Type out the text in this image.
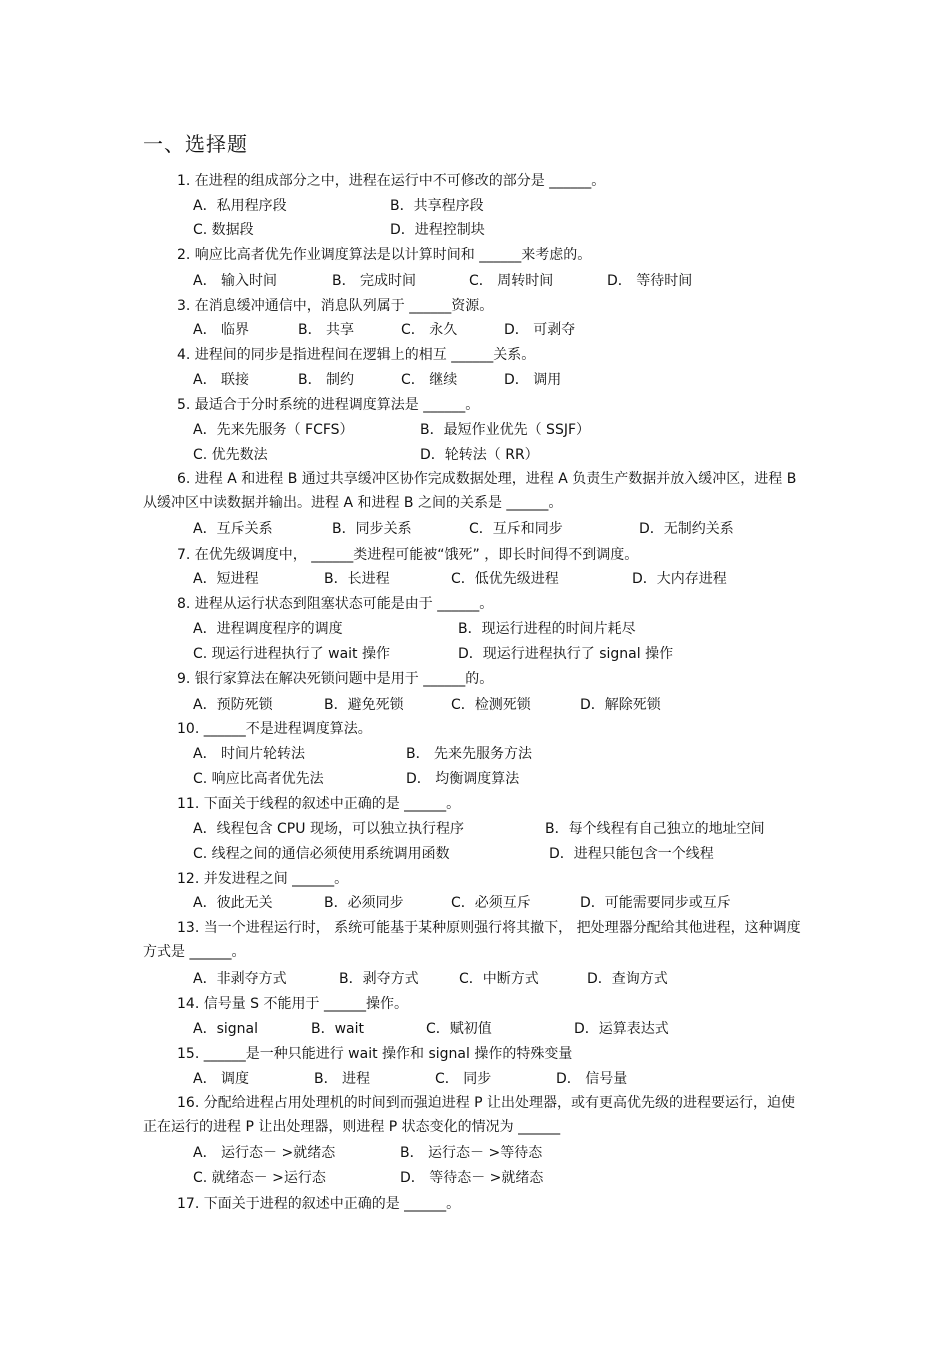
一、选择题
1. 在进程的组成部分之中，进程在运行中不可修改的部分是 ______。
A．私用程序段	B．共享程序段
C. 数据段	D．进程控制块
2. 响应比高者优先作业调度算法是以计算时间和 ______来考虑的。
A． 输入时间	B． 完成时间	C． 周转时间	D． 等待时间
3. 在消息缓冲通信中，消息队列属于 ______资源。
A． 临界	B． 共享	C． 永久	D． 可剥夺
4. 进程间的同步是指进程间在逻辑上的相互 ______关系。
A． 联接	B． 制约	C． 继续	D． 调用
5. 最适合于分时系统的进程调度算法是 ______。
A．先来先服务（ FCFS）	B．最短作业优先（ SSJF）
C. 优先数法	D．轮转法（ RR）
6. 进程 A 和进程 B 通过共享缓冲区协作完成数据处理，进程 A 负责生产数据并放入缓冲区，进程 B 从缓冲区中读数据并输出。进程 A 和进程 B 之间的关系是 ______。
A．互斥关系	B．同步关系	C．互斥和同步	D．无制约关系
7. 在优先级调度中， ______类进程可能被“饿死” ，即长时间得不到调度。
A．短进程	B．长进程	C．低优先级进程	D．大内存进程
8. 进程从运行状态到阻塞状态可能是由于 ______。
A．进程调度程序的调度	B．现运行进程的时间片耗尽
C. 现运行进程执行了 wait 操作	D．现运行进程执行了 signal 操作
9. 银行家算法在解决死锁问题中是用于 ______的。
A．预防死锁	B．避免死锁	C．检测死锁	D．解除死锁
10. ______不是进程调度算法。
A． 时间片轮转法	B． 先来先服务方法
C. 响应比高者优先法	D． 均衡调度算法
11. 下面关于线程的叙述中正确的是 ______。
A．线程包含 CPU 现场，可以独立执行程序	B．每个线程有自己独立的地址空间
C. 线程之间的通信必须使用系统调用函数	D．进程只能包含一个线程
12. 并发进程之间 ______。
A．彼此无关	B．必须同步	C．必须互斥	D．可能需要同步或互斥
13. 当一个进程运行时， 系统可能基于某种原则强行将其撤下， 把处理器分配给其他进程，这种调度方式是 ______。
A．非剥夺方式	B．剥夺方式	C．中断方式	D．查询方式
14. 信号量 S 不能用于 ______操作。
A．signal	B．wait	C．赋初值	D．运算表达式
15. ______是一种只能进行 wait 操作和 signal 操作的特殊变量
A． 调度	B． 进程	C． 同步	D． 信号量
16. 分配给进程占用处理机的时间到而强迫进程 P 让出处理器，或有更高优先级的进程要运行，迫使正在运行的进程 P 让出处理器，则进程 P 状态变化的情况为 ______
A． 运行态－ >就绪态	B． 运行态－ >等待态
C. 就绪态－ >运行态	D． 等待态－ >就绪态
17. 下面关于进程的叙述中正确的是 ______。
